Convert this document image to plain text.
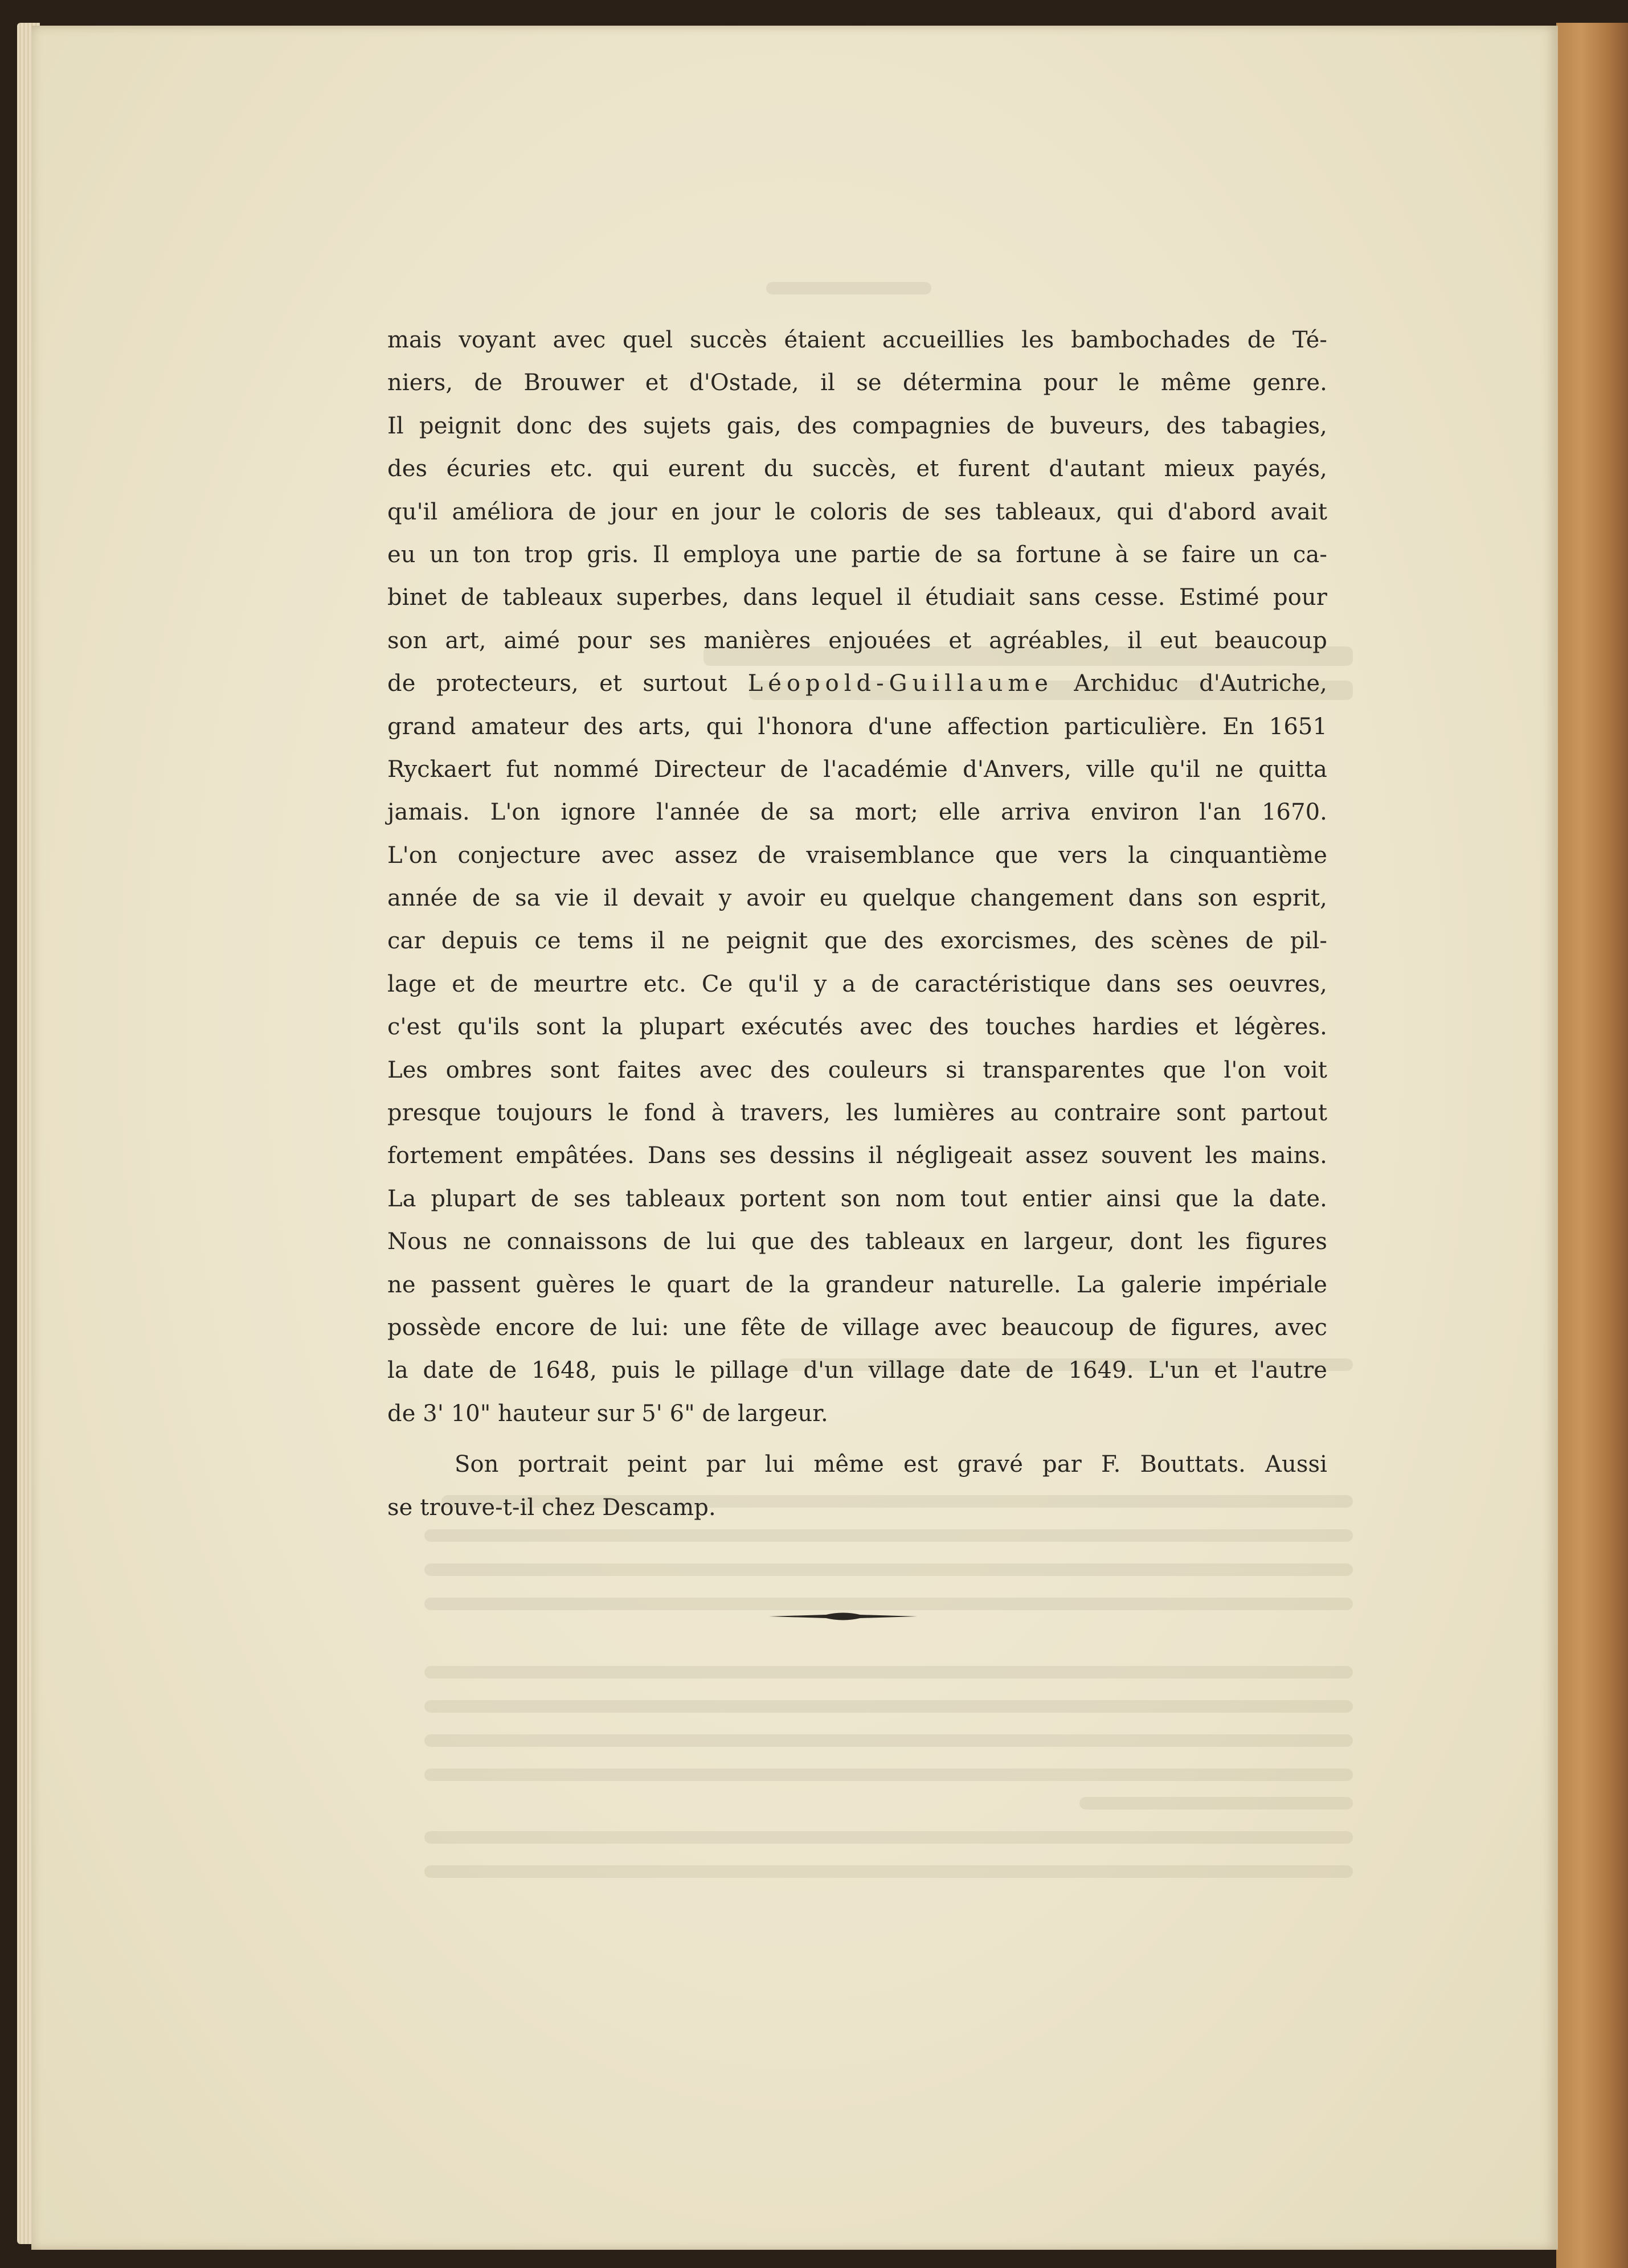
mais voyant avec quel succès étaient accueillies les bambochades de Té-
niers, de Brouwer et d'Ostade, il se détermina pour le même genre.
Il peignit donc des sujets gais, des compagnies de buveurs, des tabagies,
des écuries etc. qui eurent du succès, et furent d'autant mieux payés,
qu'il améliora de jour en jour le coloris de ses tableaux, qui d'abord avait
eu un ton trop gris. Il employa une partie de sa fortune à se faire un ca-
binet de tableaux superbes, dans lequel il étudiait sans cesse. Estimé pour
son art, aimé pour ses manières enjouées et agréables, il eut beaucoup
de protecteurs, et surtout Léopold-Guillaume Archiduc d'Autriche,
grand amateur des arts, qui l'honora d'une affection particulière. En 1651
Ryckaert fut nommé Directeur de l'académie d'Anvers, ville qu'il ne quitta
jamais. L'on ignore l'année de sa mort; elle arriva environ l'an 1670.
L'on conjecture avec assez de vraisemblance que vers la cinquantième
année de sa vie il devait y avoir eu quelque changement dans son esprit,
car depuis ce tems il ne peignit que des exorcismes, des scènes de pil-
lage et de meurtre etc. Ce qu'il y a de caractéristique dans ses oeuvres,
c'est qu'ils sont la plupart exécutés avec des touches hardies et légères.
Les ombres sont faites avec des couleurs si transparentes que l'on voit
presque toujours le fond à travers, les lumières au contraire sont partout
fortement empâtées. Dans ses dessins il négligeait assez souvent les mains.
La plupart de ses tableaux portent son nom tout entier ainsi que la date.
Nous ne connaissons de lui que des tableaux en largeur, dont les figures
ne passent guères le quart de la grandeur naturelle. La galerie impériale
possède encore de lui: une fête de village avec beaucoup de figures, avec
la date de 1648, puis le pillage d'un village date de 1649. L'un et l'autre
de 3' 10" hauteur sur 5' 6" de largeur.
Son portrait peint par lui même est gravé par F. Bouttats. Aussi
se trouve-t-il chez Descamp.
